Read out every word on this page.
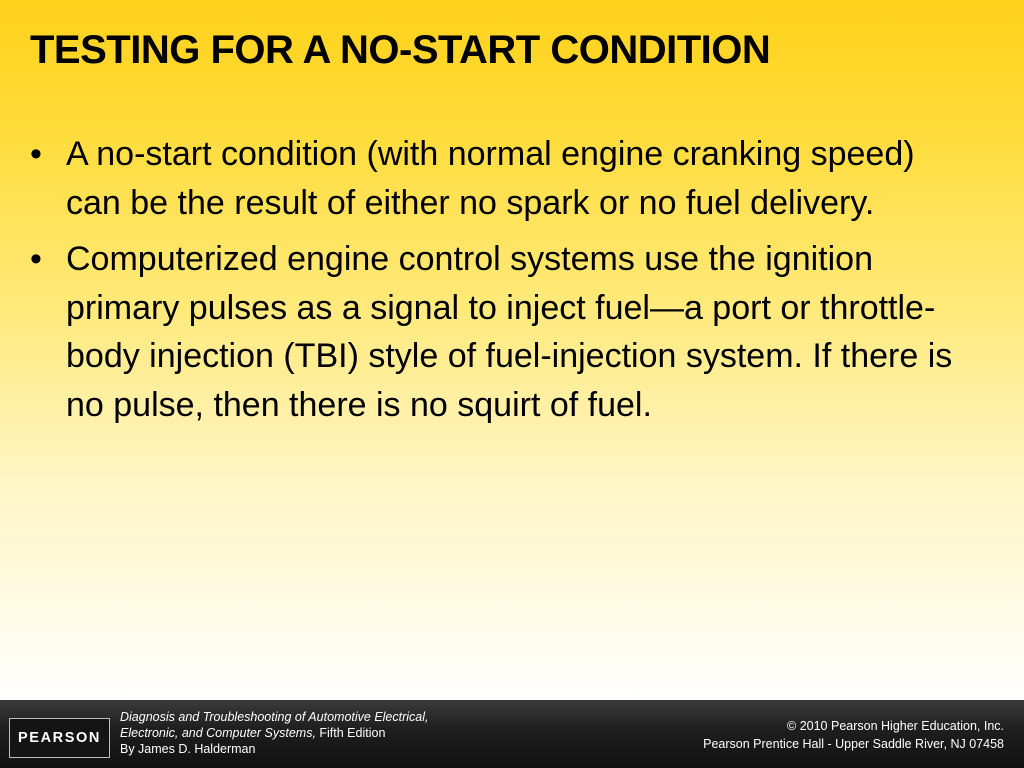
TESTING FOR A NO-START CONDITION
• A no-start condition (with normal engine cranking speed) can be the result of either no spark or no fuel delivery.
• Computerized engine control systems use the ignition primary pulses as a signal to inject fuel—a port or throttle-body injection (TBI) style of fuel-injection system. If there is no pulse, then there is no squirt of fuel.
PEARSON
Diagnosis and Troubleshooting of Automotive Electrical,
Electronic, and Computer Systems, Fifth Edition
By James D. Halderman
© 2010 Pearson Higher Education, Inc.
Pearson Prentice Hall - Upper Saddle River, NJ 07458
